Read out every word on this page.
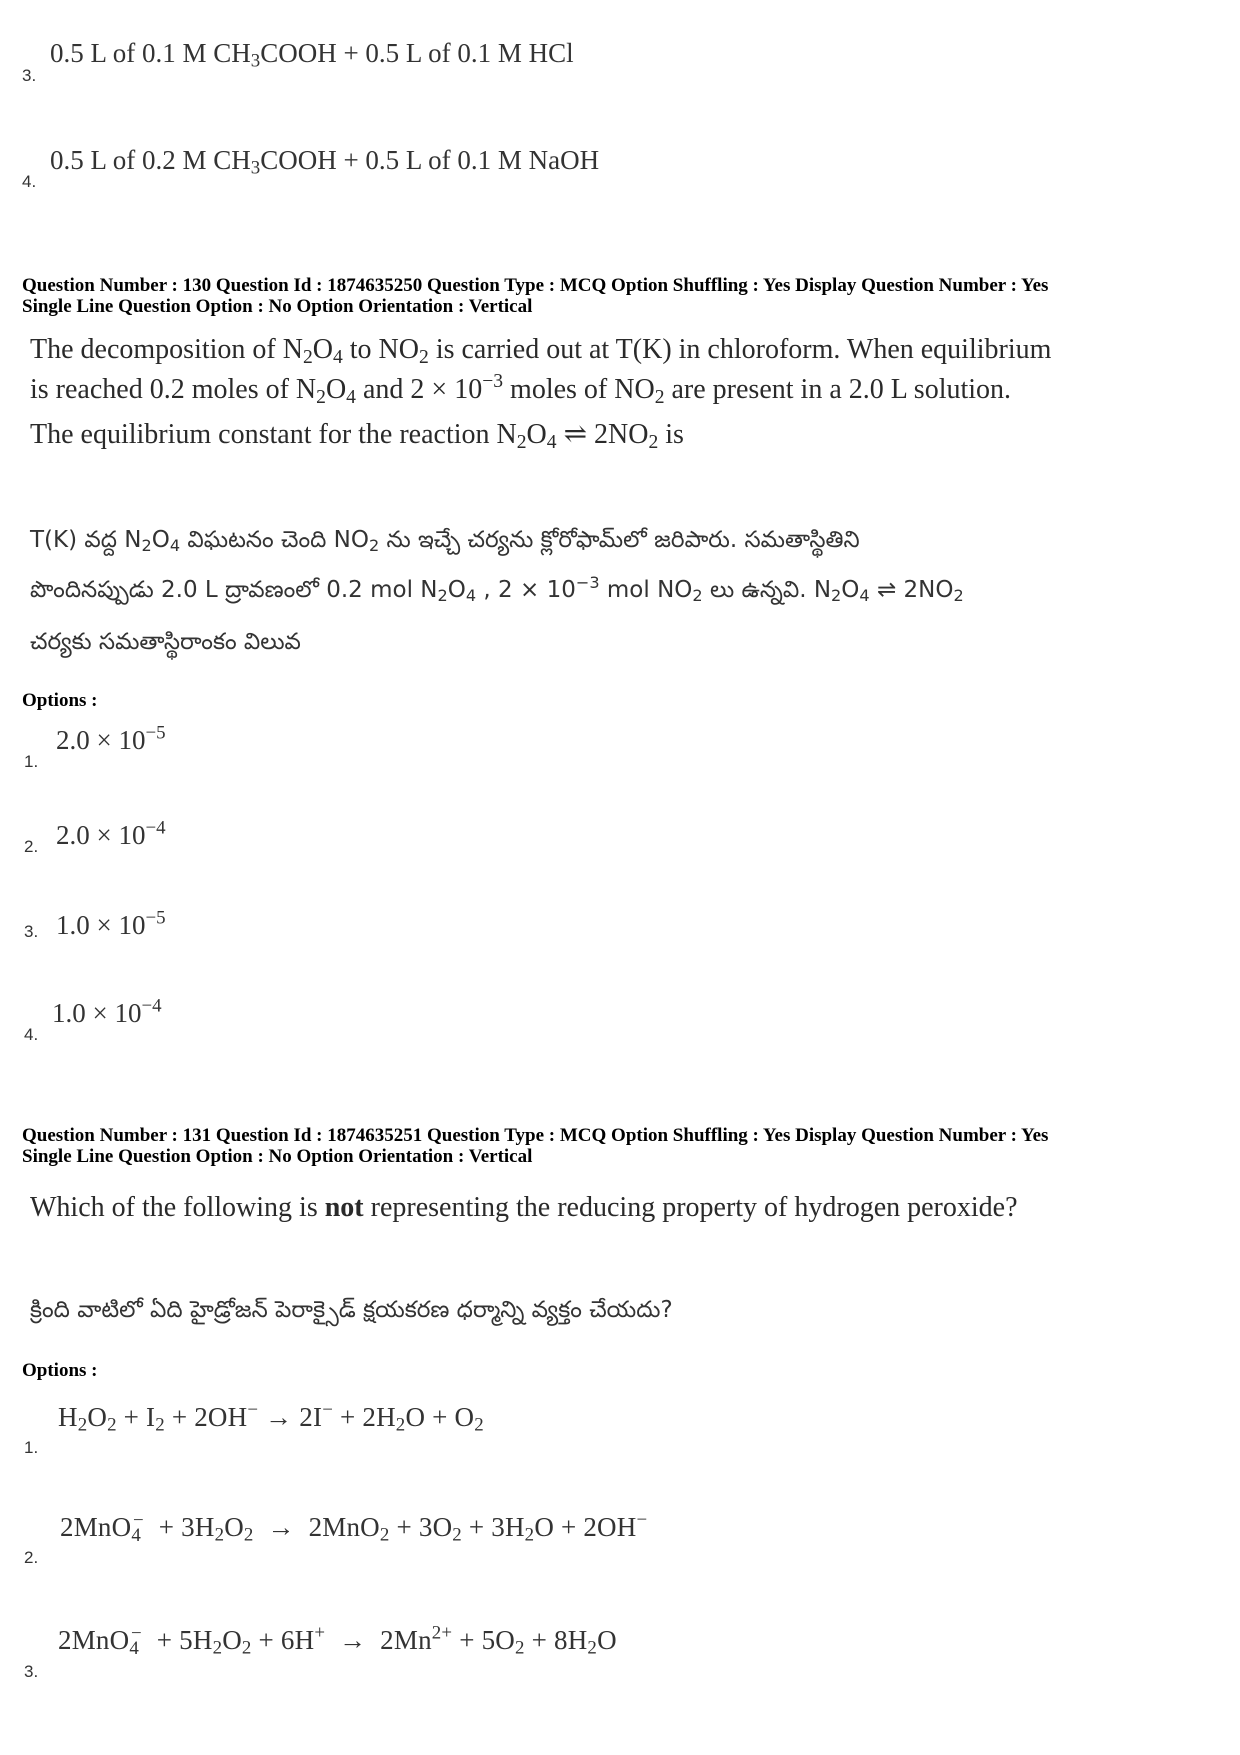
0.5 L of 0.1 M $CH_3COOH + 0.5$ L of 0.1 M HCl
3.
0.5 L of 0.2 M $CH_3COOH + 0.5$ L of 0.1 M NaOH
4.
Question Number : 130 Question Id : 1874635250 Question Type : MCQ Option Shuffling : Yes Display Question Number : Yes
Single Line Question Option : No Option Orientation : Vertical
The decomposition of $N_2O_4$ to $NO_2$ is carried out at T(K) in chloroform. When equilibrium
is reached 0.2 moles of $N_2O_4$ and $2 \times 10^{-3}$ moles of $NO_2$ are present in a 2.0 L solution.
The equilibrium constant for the reaction $N_2O_4$ ⇌ $2NO_2$ is
T(K) వద్ద $N_2O_4$ విఘటనం చెంది $NO_2$ ను ఇచ్చే చర్యను క్లోరోఫామ్‌లో జరిపారు. సమతాస్థితిని
పొందినప్పుడు 2.0 L ద్రావణంలో 0.2 mol $N_2O_4$ , $2 \times 10^{-3}$ mol $NO_2$ లు ఉన్నవి. $N_2O_4$ ⇌ $2NO_2$
చర్యకు సమతాస్థిరాంకం విలువ
Options :
$2.0 \times 10^{-5}$
1.
$2.0 \times 10^{-4}$
2.
$1.0 \times 10^{-5}$
3.
$1.0 \times 10^{-4}$
4.
Question Number : 131 Question Id : 1874635251 Question Type : MCQ Option Shuffling : Yes Display Question Number : Yes
Single Line Question Option : No Option Orientation : Vertical
Which of the following is not representing the reducing property of hydrogen peroxide?
క్రింది వాటిలో ఏది హైడ్రోజన్ పెరాక్సైడ్ క్షయకరణ ధర్మాన్ని వ్యక్తం చేయదు?
Options :
$H_2O_2 + I_2 + 2OH^- \to 2I^- + 2H_2O + O_2$
1.
$2MnO_4^- + 3H_2O_2 \to 2MnO_2 + 3O_2 + 3H_2O + 2OH^-$
2.
$2MnO_4^- + 5H_2O_2 + 6H^+ \to 2Mn^{2+} + 5O_2 + 8H_2O$
3.
